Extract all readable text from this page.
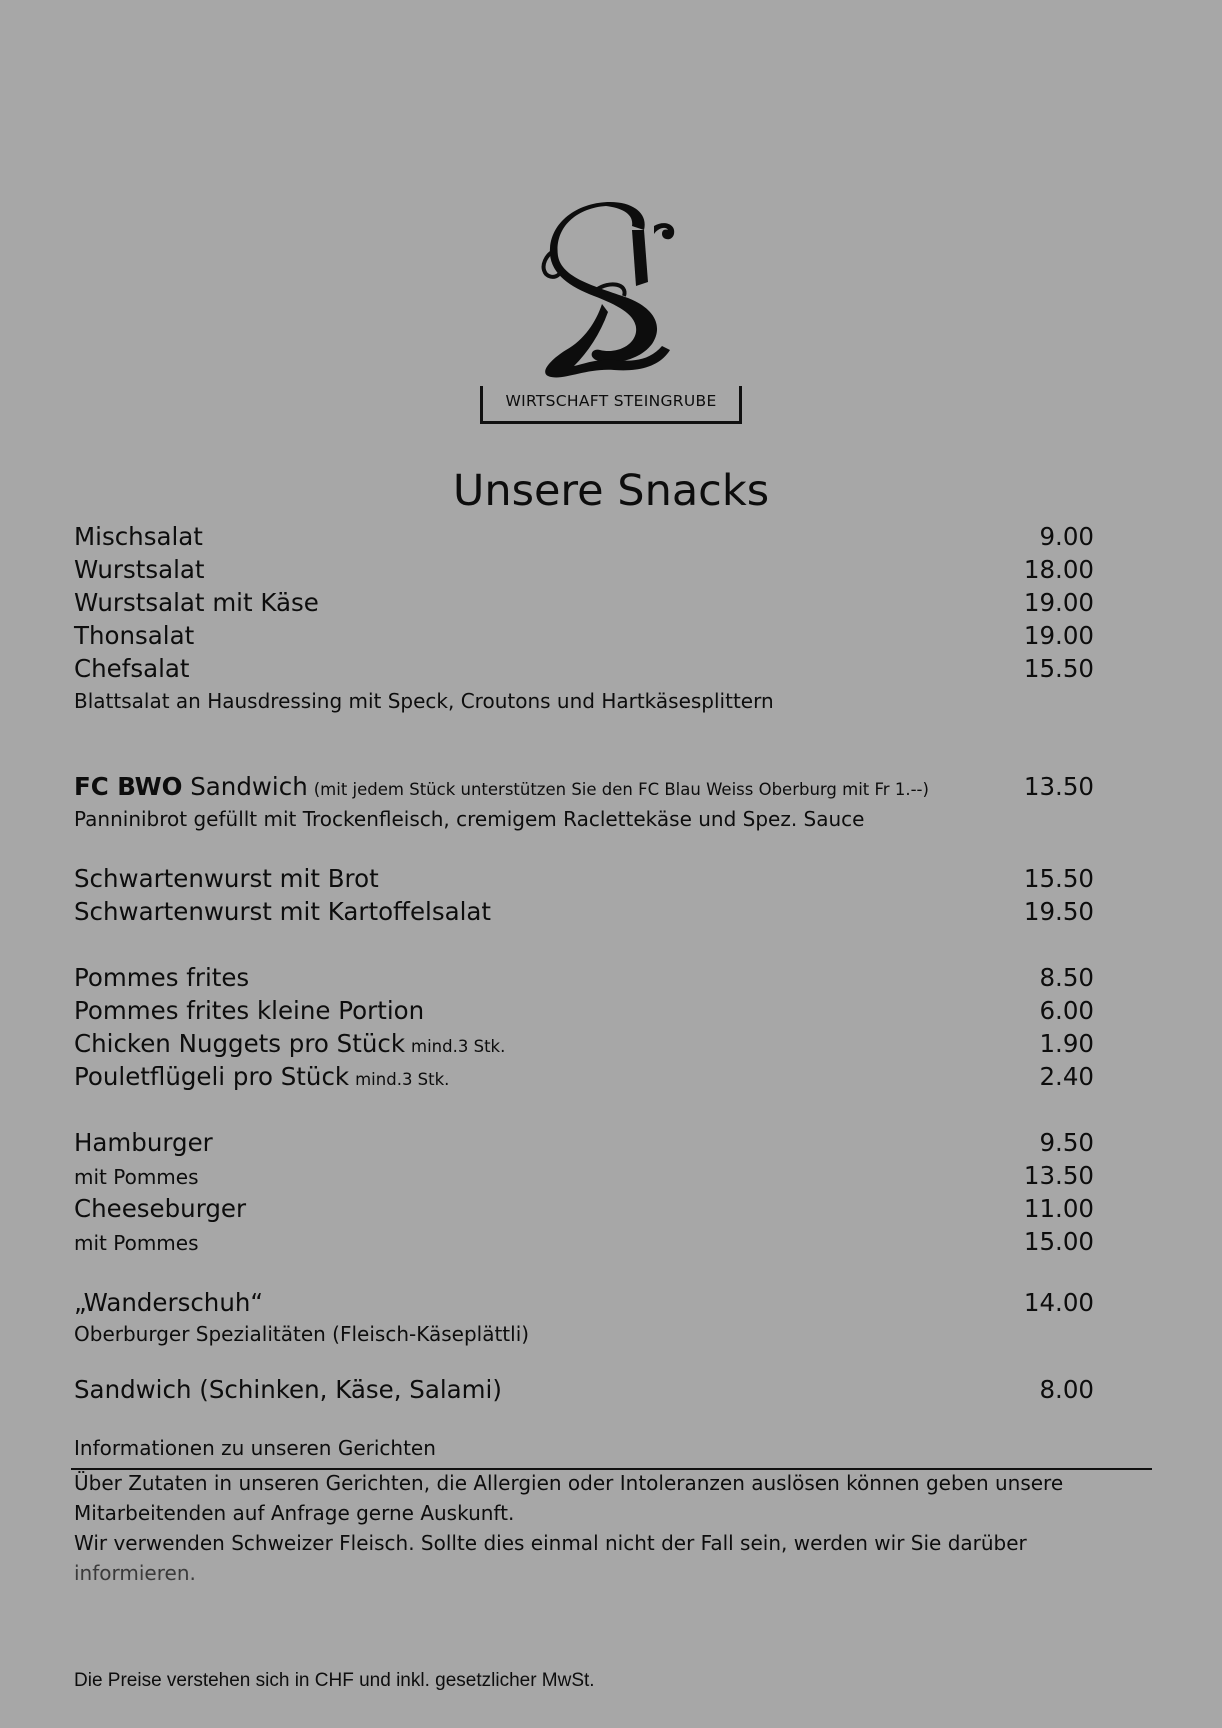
WIRTSCHAFT STEINGRUBE
Unsere Snacks
Mischsalat	9.00
Wurstsalat	18.00
Wurstsalat mit Käse	19.00
Thonsalat	19.00
Chefsalat	15.50
Blattsalat an Hausdressing mit Speck, Croutons und Hartkäsesplittern
FC BWO Sandwich (mit jedem Stück unterstützen Sie den FC Blau Weiss Oberburg mit Fr 1.--)	13.50
Panninibrot gefüllt mit Trockenfleisch, cremigem Raclettekäse und Spez. Sauce
Schwartenwurst mit Brot	15.50
Schwartenwurst mit Kartoffelsalat	19.50
Pommes frites	8.50
Pommes frites kleine Portion	6.00
Chicken Nuggets pro Stück mind.3 Stk.	1.90
Pouletflügeli pro Stück mind.3 Stk.	2.40
Hamburger	9.50
mit Pommes	13.50
Cheeseburger	11.00
mit Pommes	15.00
„Wanderschuh“	14.00
Oberburger Spezialitäten (Fleisch-Käseplättli)
Sandwich (Schinken, Käse, Salami)	8.00
Informationen zu unseren Gerichten

Über Zutaten in unseren Gerichten, die Allergien oder Intoleranzen auslösen können geben unsere Mitarbeitenden auf Anfrage gerne Auskunft.

Wir verwenden Schweizer Fleisch. Sollte dies einmal nicht der Fall sein, werden wir Sie darüber

informieren.

Die Preise verstehen sich in CHF und inkl. gesetzlicher MwSt.
